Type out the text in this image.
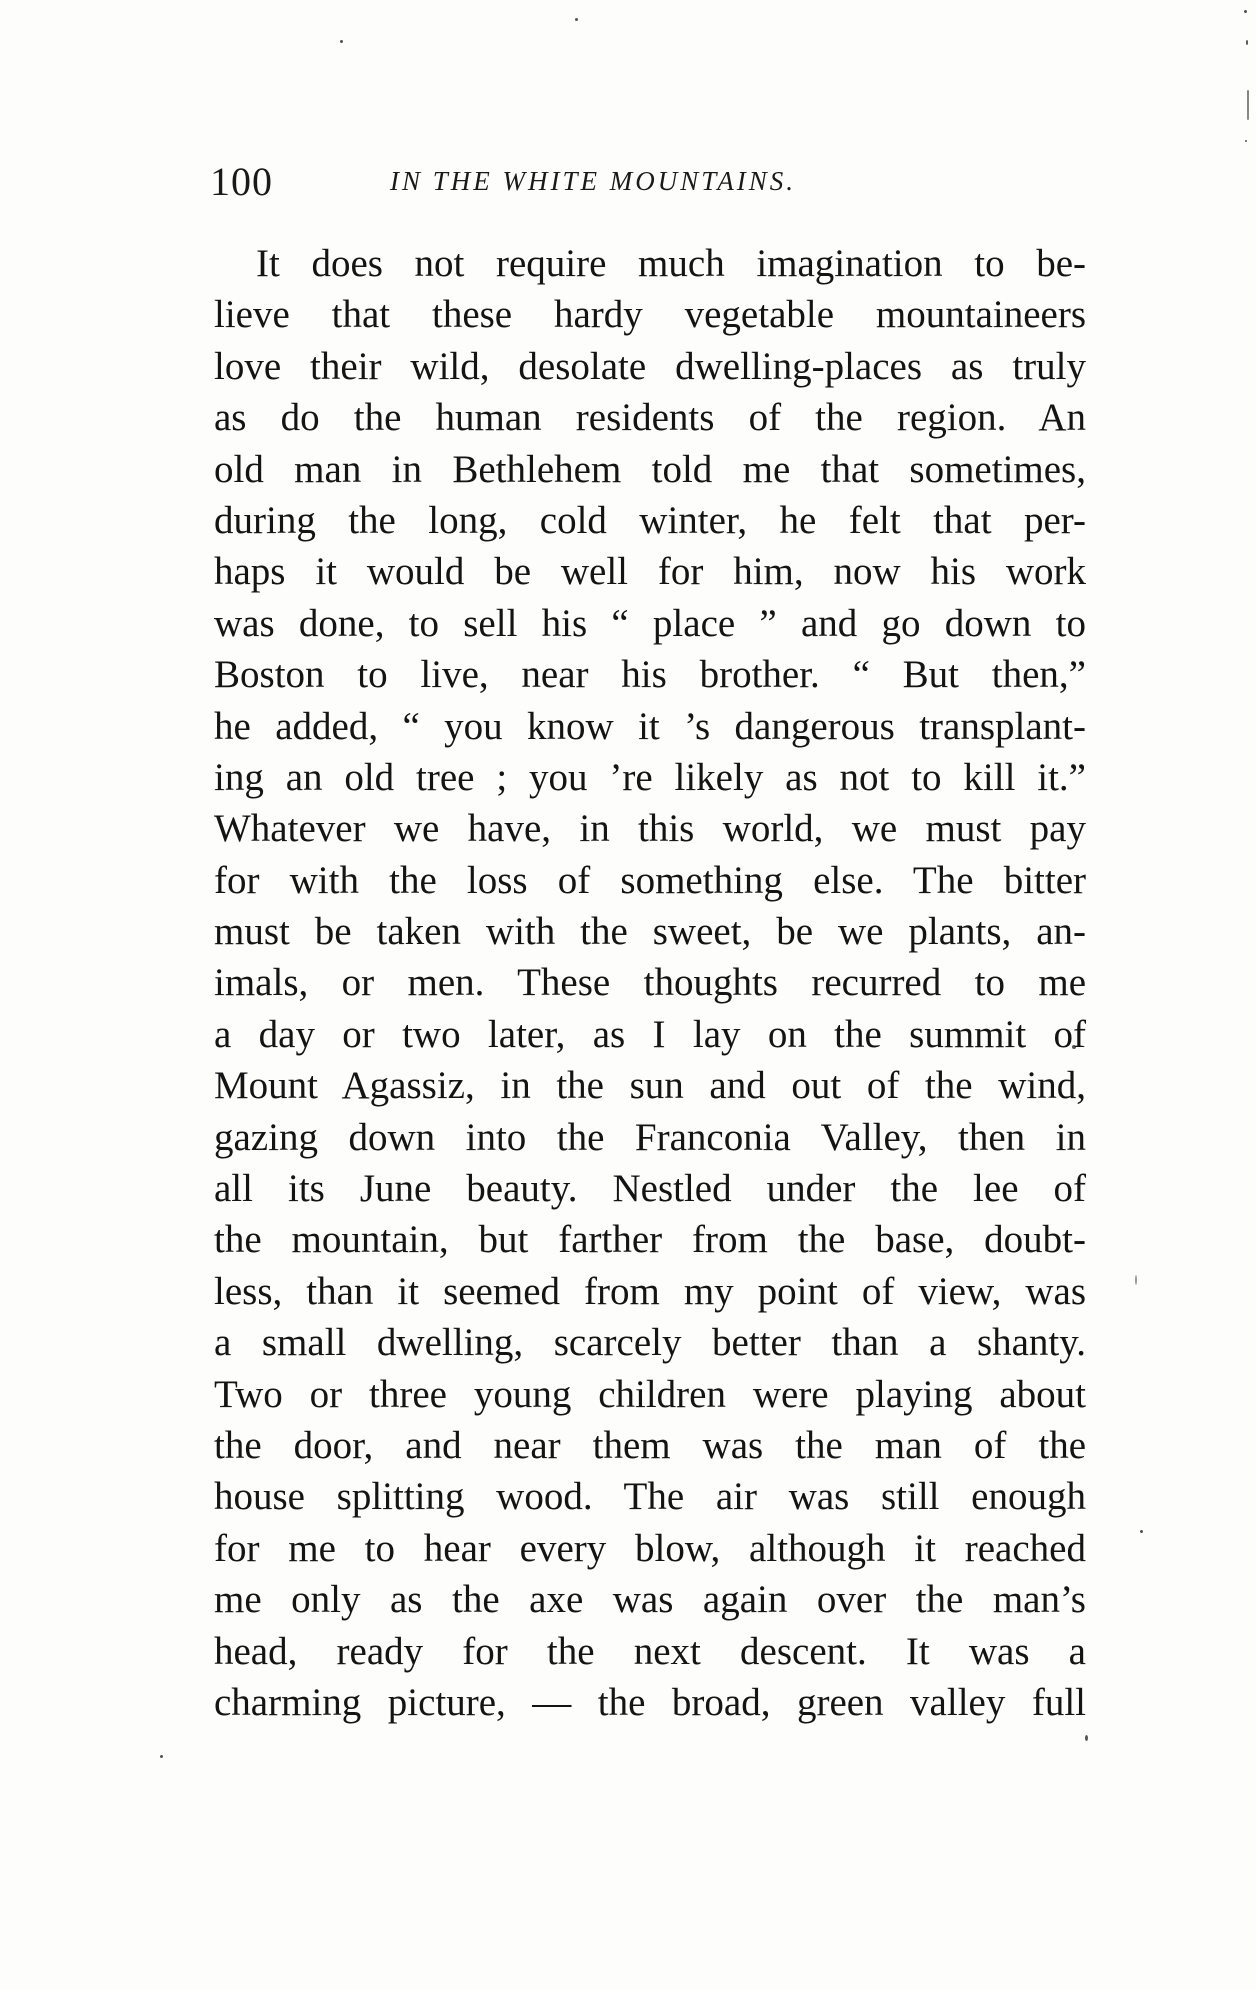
100	IN THE WHITE MOUNTAINS.
It does not require much imagination to be-
lieve that these hardy vegetable mountaineers
love their wild, desolate dwelling-places as truly
as do the human residents of the region. An
old man in Bethlehem told me that sometimes,
during the long, cold winter, he felt that per-
haps it would be well for him, now his work
was done, to sell his “ place ” and go down to
Boston to live, near his brother. “ But then,”
he added, “ you know it ’s dangerous transplant-
ing an old tree ; you ’re likely as not to kill it.”
Whatever we have, in this world, we must pay
for with the loss of something else. The bitter
must be taken with the sweet, be we plants, an-
imals, or men. These thoughts recurred to me
a day or two later, as I lay on the summit of
Mount Agassiz, in the sun and out of the wind,
gazing down into the Franconia Valley, then in
all its June beauty. Nestled under the lee of
the mountain, but farther from the base, doubt-
less, than it seemed from my point of view, was
a small dwelling, scarcely better than a shanty.
Two or three young children were playing about
the door, and near them was the man of the
house splitting wood. The air was still enough
for me to hear every blow, although it reached
me only as the axe was again over the man’s
head, ready for the next descent. It was a
charming picture, — the broad, green valley full
